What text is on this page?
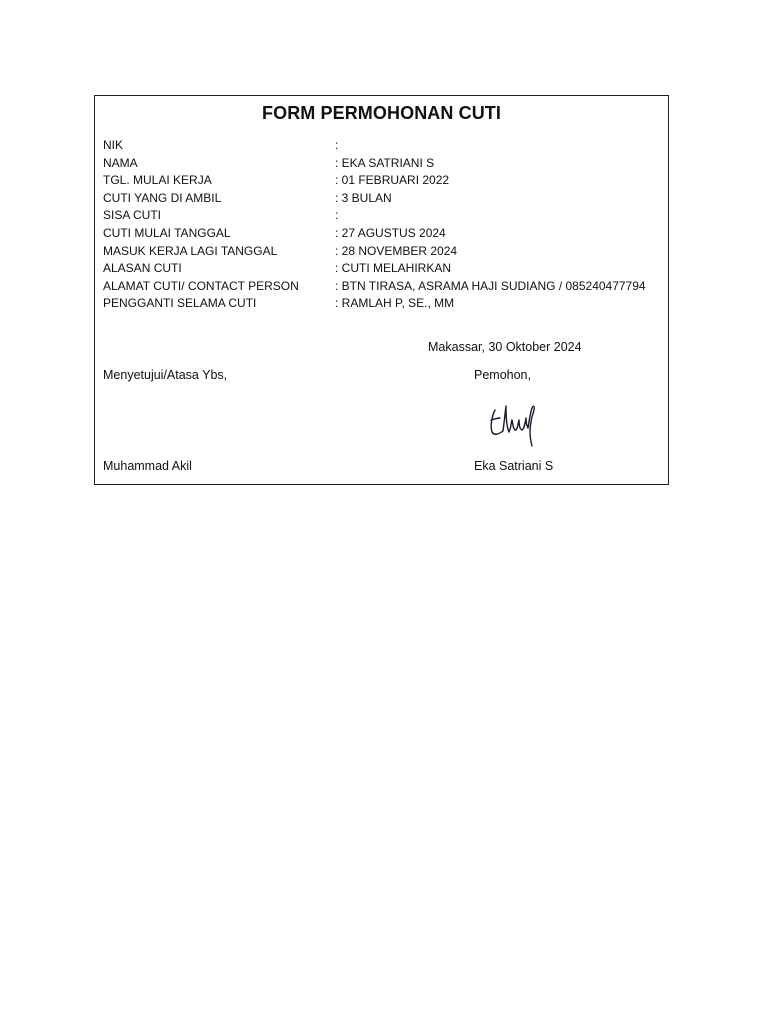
FORM PERMOHONAN CUTI
NIK	:
NAMA	: EKA SATRIANI S
TGL. MULAI KERJA	: 01 FEBRUARI 2022
CUTI YANG DI AMBIL	: 3 BULAN
SISA CUTI	:
CUTI MULAI TANGGAL	: 27 AGUSTUS 2024
MASUK KERJA LAGI TANGGAL	: 28 NOVEMBER 2024
ALASAN CUTI	: CUTI MELAHIRKAN
ALAMAT CUTI/ CONTACT PERSON	: BTN TIRASA, ASRAMA HAJI SUDIANG / 085240477794
PENGGANTI SELAMA CUTI	: RAMLAH P, SE., MM
Makassar, 30 Oktober 2024
Menyetujui/Atasa Ybs,	Pemohon,
Muhammad Akil	Eka Satriani S
